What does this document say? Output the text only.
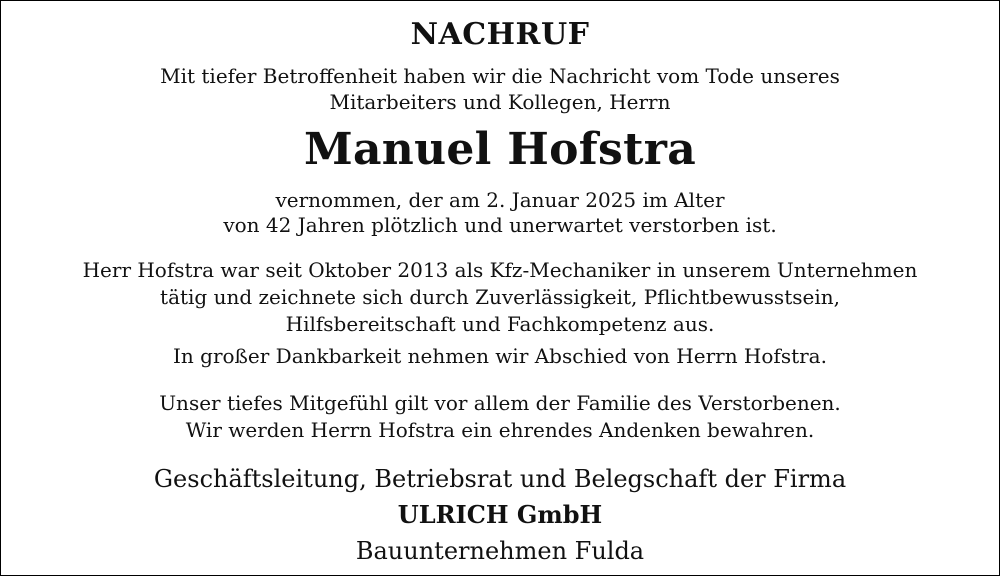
NACHRUF
Mit tiefer Betroffenheit haben wir die Nachricht vom Tode unseres
Mitarbeiters und Kollegen, Herrn
Manuel Hofstra
vernommen, der am 2. Januar 2025 im Alter
von 42 Jahren plötzlich und unerwartet verstorben ist.
Herr Hofstra war seit Oktober 2013 als Kfz-Mechaniker in unserem Unternehmen
tätig und zeichnete sich durch Zuverlässigkeit, Pflichtbewusstsein,
Hilfsbereitschaft und Fachkompetenz aus.
In großer Dankbarkeit nehmen wir Abschied von Herrn Hofstra.
Unser tiefes Mitgefühl gilt vor allem der Familie des Verstorbenen.
Wir werden Herrn Hofstra ein ehrendes Andenken bewahren.
Geschäftsleitung, Betriebsrat und Belegschaft der Firma
ULRICH GmbH
Bauunternehmen Fulda
